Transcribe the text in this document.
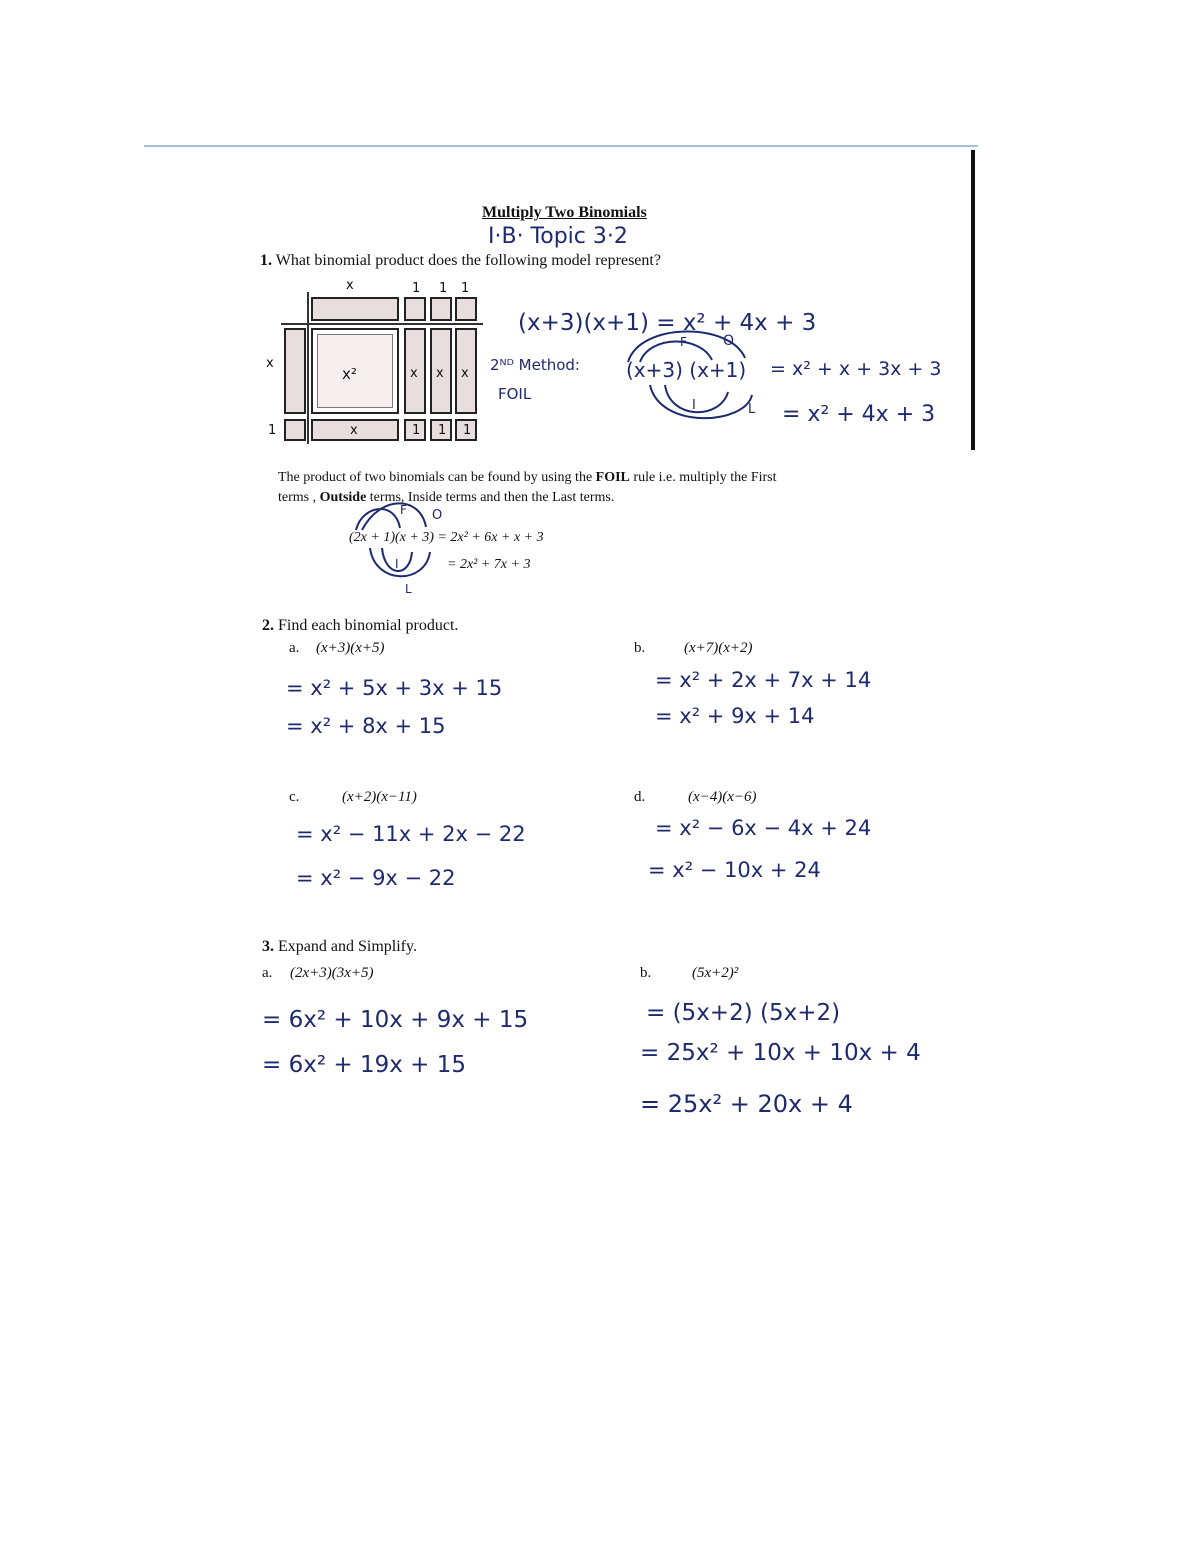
Multiply Two Binomials
I·B· Topic 3·2
1. What binomial product does the following model represent?
x	1 1 1
x
1
x²	x x x
x	1 1 1
(x+3)(x+1) = x² + 4x + 3
2ᴺᴰ Method:
FOIL
(x+3) (x+1) = x² + x + 3x + 3
= x² + 4x + 3
F	O
I	L
The product of two binomials can be found by using the FOIL rule i.e. multiply the First
terms , Outside terms, Inside terms and then the Last terms.
(2x + 1)(x + 3) = 2x² + 6x + x + 3
= 2x² + 7x + 3
F O
I
L
2. Find each binomial product.
a. (x+3)(x+5)
= x² + 5x + 3x + 15
= x² + 8x + 15
b.	(x+7)(x+2)
= x² + 2x + 7x + 14
= x² + 9x + 14
c.	(x+2)(x−11)
= x² − 11x + 2x − 22
= x² − 9x − 22
d.	(x−4)(x−6)
= x² − 6x − 4x + 24
= x² − 10x + 24
3. Expand and Simplify.
a. (2x+3)(3x+5)
= 6x² + 10x + 9x + 15
= 6x² + 19x + 15
b.	(5x+2)²
= (5x+2) (5x+2)
= 25x² + 10x + 10x + 4
= 25x² + 20x + 4
